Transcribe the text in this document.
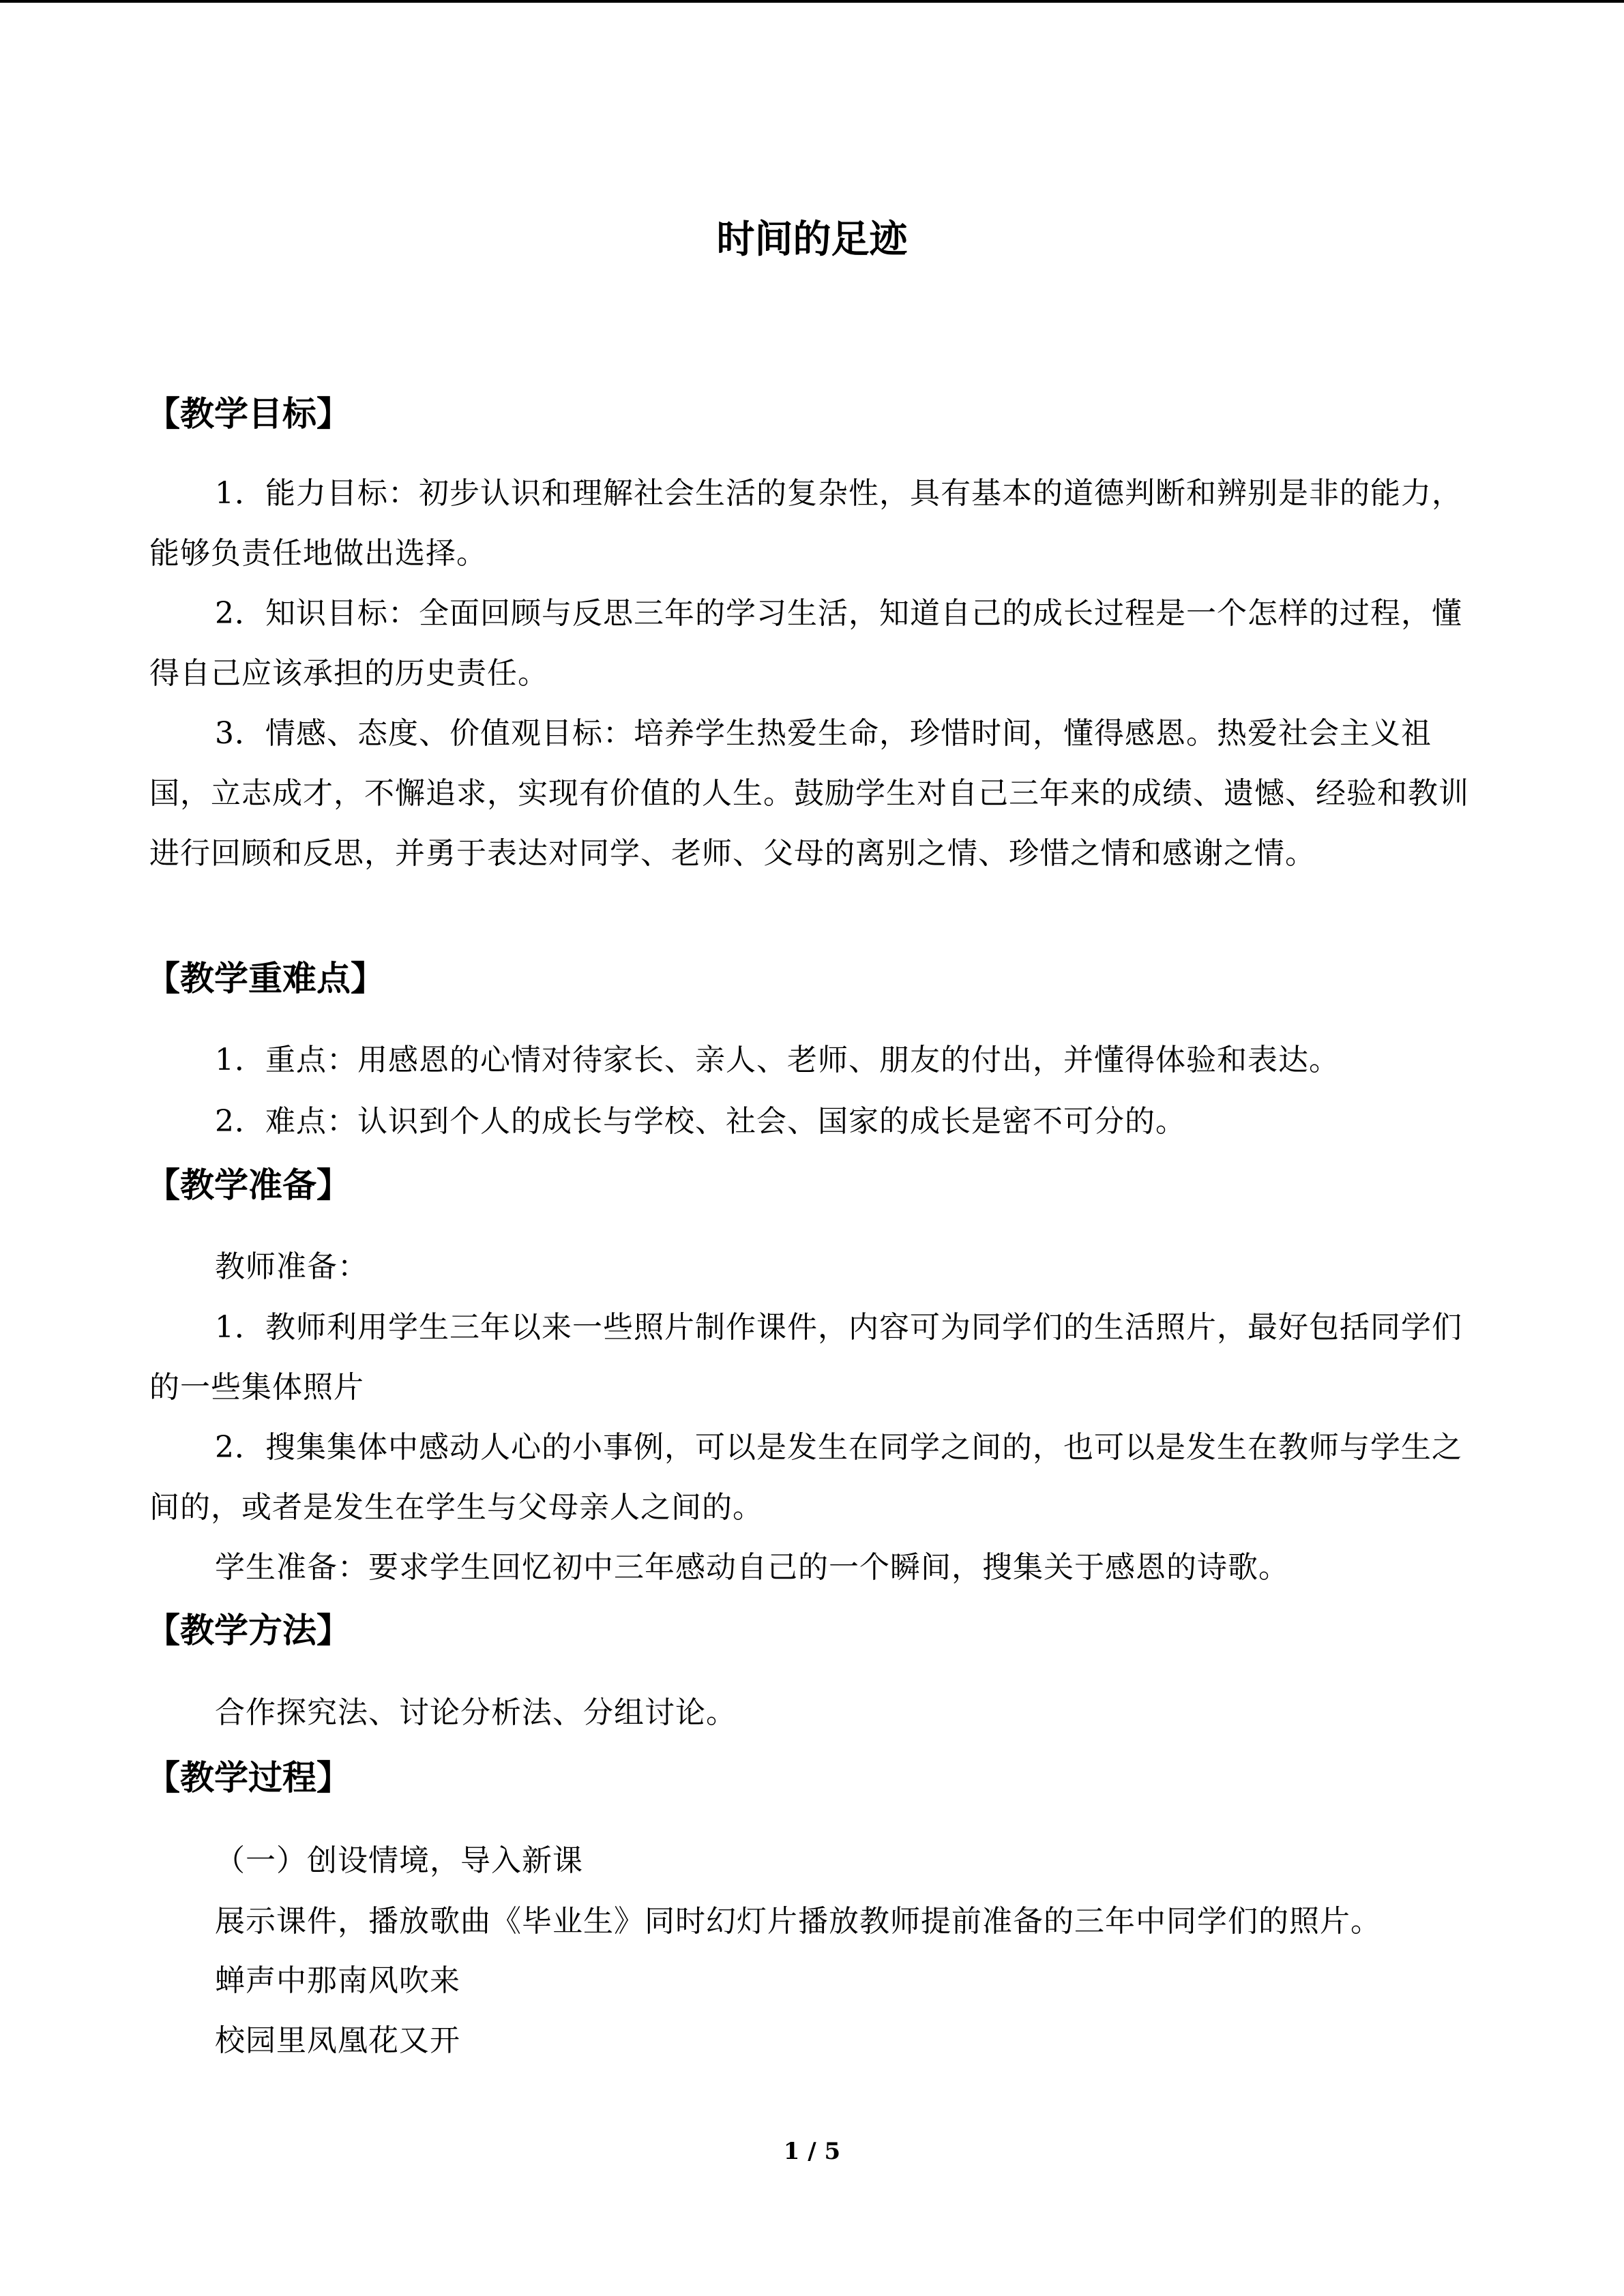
时间的足迹
【教学目标】
1．能力目标：初步认识和理解社会生活的复杂性，具有基本的道德判断和辨别是非的能力，能够负责任地做出选择。
2．知识目标：全面回顾与反思三年的学习生活，知道自己的成长过程是一个怎样的过程，懂得自己应该承担的历史责任。
3．情感、态度、价值观目标：培养学生热爱生命，珍惜时间，懂得感恩。热爱社会主义祖国，立志成才，不懈追求，实现有价值的人生。鼓励学生对自己三年来的成绩、遗憾、经验和教训进行回顾和反思，并勇于表达对同学、老师、父母的离别之情、珍惜之情和感谢之情。
【教学重难点】
1．重点：用感恩的心情对待家长、亲人、老师、朋友的付出，并懂得体验和表达。
2．难点：认识到个人的成长与学校、社会、国家的成长是密不可分的。
【教学准备】
教师准备：
1．教师利用学生三年以来一些照片制作课件，内容可为同学们的生活照片，最好包括同学们的一些集体照片
2．搜集集体中感动人心的小事例，可以是发生在同学之间的，也可以是发生在教师与学生之间的，或者是发生在学生与父母亲人之间的。
学生准备：要求学生回忆初中三年感动自己的一个瞬间，搜集关于感恩的诗歌。
【教学方法】
合作探究法、讨论分析法、分组讨论。
【教学过程】
（一）创设情境，导入新课
展示课件，播放歌曲《毕业生》同时幻灯片播放教师提前准备的三年中同学们的照片。
蝉声中那南风吹来
校园里凤凰花又开
1 / 5
